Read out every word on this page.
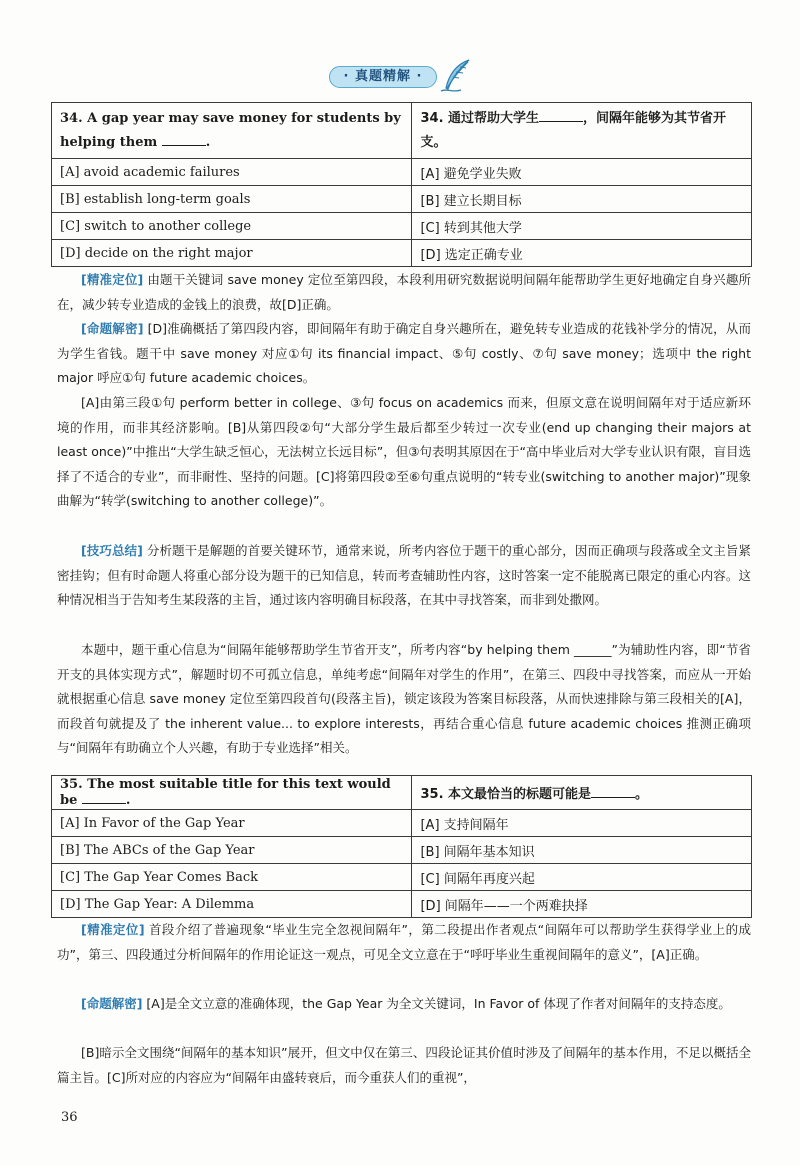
· 真题精解 ·
34. A gap year may save money for students by helping them .	34. 通过帮助大学生 ，间隔年能够为其节省开支。
[A] avoid academic failures	[A] 避免学业失败
[B] establish long-term goals	[B] 建立长期目标
[C] switch to another college	[C] 转到其他大学
[D] decide on the right major	[D] 选定正确专业
[精准定位] 由题干关键词 save money 定位至第四段，本段利用研究数据说明间隔年能帮助学生更好地确定自身兴趣所在，减少转专业造成的金钱上的浪费，故[D]正确。
[命题解密] [D]准确概括了第四段内容，即间隔年有助于确定自身兴趣所在，避免转专业造成的花钱补学分的情况，从而为学生省钱。题干中 save money 对应①句 its financial impact、⑤句 costly、⑦句 save money；选项中 the right major 呼应①句 future academic choices。
[A]由第三段①句 perform better in college、③句 focus on academics 而来，但原文意在说明间隔年对于适应新环境的作用，而非其经济影响。[B]从第四段②句“大部分学生最后都至少转过一次专业(end up changing their majors at least once)”中推出“大学生缺乏恒心，无法树立长远目标”，但③句表明其原因在于“高中毕业后对大学专业认识有限，盲目选择了不适合的专业”，而非耐性、坚持的问题。[C]将第四段②至⑥句重点说明的“转专业(switching to another major)”现象曲解为“转学(switching to another college)”。
[技巧总结] 分析题干是解题的首要关键环节，通常来说，所考内容位于题干的重心部分，因而正确项与段落或全文主旨紧密挂钩；但有时命题人将重心部分设为题干的已知信息，转而考查辅助性内容，这时答案一定不能脱离已限定的重心内容。这种情况相当于告知考生某段落的主旨，通过该内容明确目标段落，在其中寻找答案，而非到处撒网。
本题中，题干重心信息为“间隔年能够帮助学生节省开支”，所考内容“by helping them ______”为辅助性内容，即“节省开支的具体实现方式”，解题时切不可孤立信息，单纯考虑“间隔年对学生的作用”，在第三、四段中寻找答案，而应从一开始就根据重心信息 save money 定位至第四段首句(段落主旨)，锁定该段为答案目标段落，从而快速排除与第三段相关的[A]，而段首句就提及了 the inherent value... to explore interests，再结合重心信息 future academic choices 推测正确项与“间隔年有助确立个人兴趣，有助于专业选择”相关。
35. The most suitable title for this text would be .	35. 本文最恰当的标题可能是 。
[A] In Favor of the Gap Year	[A] 支持间隔年
[B] The ABCs of the Gap Year	[B] 间隔年基本知识
[C] The Gap Year Comes Back	[C] 间隔年再度兴起
[D] The Gap Year: A Dilemma	[D] 间隔年——一个两难抉择
[精准定位] 首段介绍了普遍现象“毕业生完全忽视间隔年”，第二段提出作者观点“间隔年可以帮助学生获得学业上的成功”，第三、四段通过分析间隔年的作用论证这一观点，可见全文立意在于“呼吁毕业生重视间隔年的意义”，[A]正确。
[命题解密] [A]是全文立意的准确体现，the Gap Year 为全文关键词，In Favor of 体现了作者对间隔年的支持态度。
[B]暗示全文围绕“间隔年的基本知识”展开，但文中仅在第三、四段论证其价值时涉及了间隔年的基本作用，不足以概括全篇主旨。[C]所对应的内容应为“间隔年由盛转衰后，而今重获人们的重视”，
36
